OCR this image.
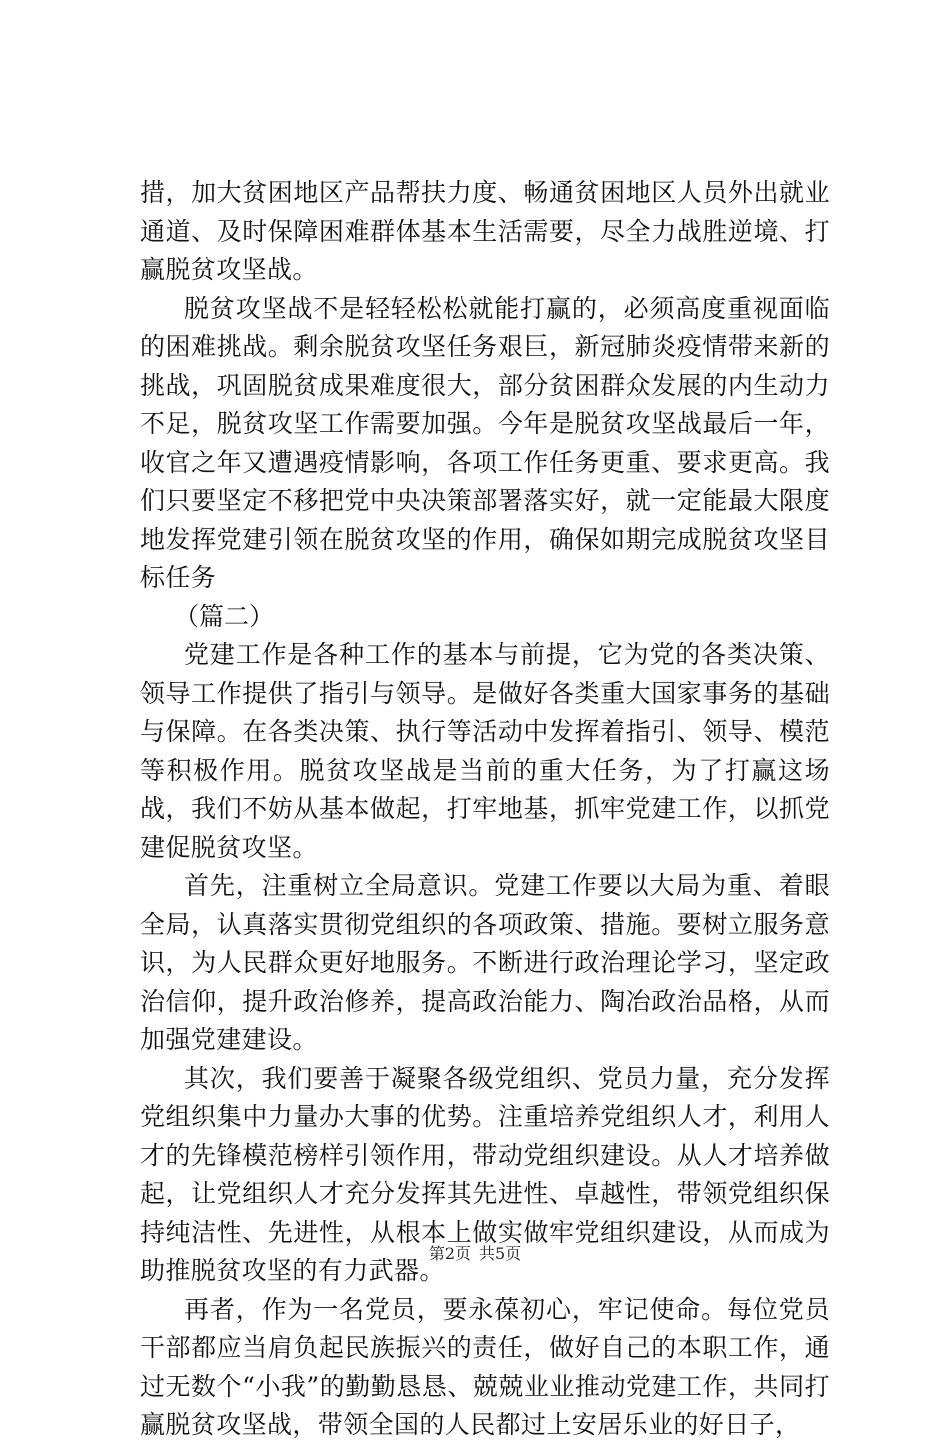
措，加大贫困地区产品帮扶力度、畅通贫困地区人员外出就业通道、及时保障困难群体基本生活需要，尽全力战胜逆境、打赢脱贫攻坚战。

脱贫攻坚战不是轻轻松松就能打赢的，必须高度重视面临的困难挑战。剩余脱贫攻坚任务艰巨，新冠肺炎疫情带来新的挑战，巩固脱贫成果难度很大，部分贫困群众发展的内生动力不足，脱贫攻坚工作需要加强。今年是脱贫攻坚战最后一年，收官之年又遭遇疫情影响，各项工作任务更重、要求更高。我们只要坚定不移把党中央决策部署落实好，就一定能最大限度地发挥党建引领在脱贫攻坚的作用，确保如期完成脱贫攻坚目标任务

（篇二）

党建工作是各种工作的基本与前提，它为党的各类决策、领导工作提供了指引与领导。是做好各类重大国家事务的基础与保障。在各类决策、执行等活动中发挥着指引、领导、模范等积极作用。脱贫攻坚战是当前的重大任务，为了打赢这场战，我们不妨从基本做起，打牢地基，抓牢党建工作，以抓党建促脱贫攻坚。

首先，注重树立全局意识。党建工作要以大局为重、着眼全局，认真落实贯彻党组织的各项政策、措施。要树立服务意识，为人民群众更好地服务。不断进行政治理论学习，坚定政治信仰，提升政治修养，提高政治能力、陶冶政治品格，从而加强党建建设。

其次，我们要善于凝聚各级党组织、党员力量，充分发挥党组织集中力量办大事的优势。注重培养党组织人才，利用人才的先锋模范榜样引领作用，带动党组织建设。从人才培养做起，让党组织人才充分发挥其先进性、卓越性，带领党组织保持纯洁性、先进性，从根本上做实做牢党组织建设，从而成为助推脱贫攻坚的有力武器。

再者，作为一名党员，要永葆初心，牢记使命。每位党员干部都应当肩负起民族振兴的责任，做好自己的本职工作，通过无数个“小我”的勤勤恳恳、兢兢业业推动党建工作，共同打赢脱贫攻坚战，带领全国的人民都过上安居乐业的好日子，

第2页 共5页
